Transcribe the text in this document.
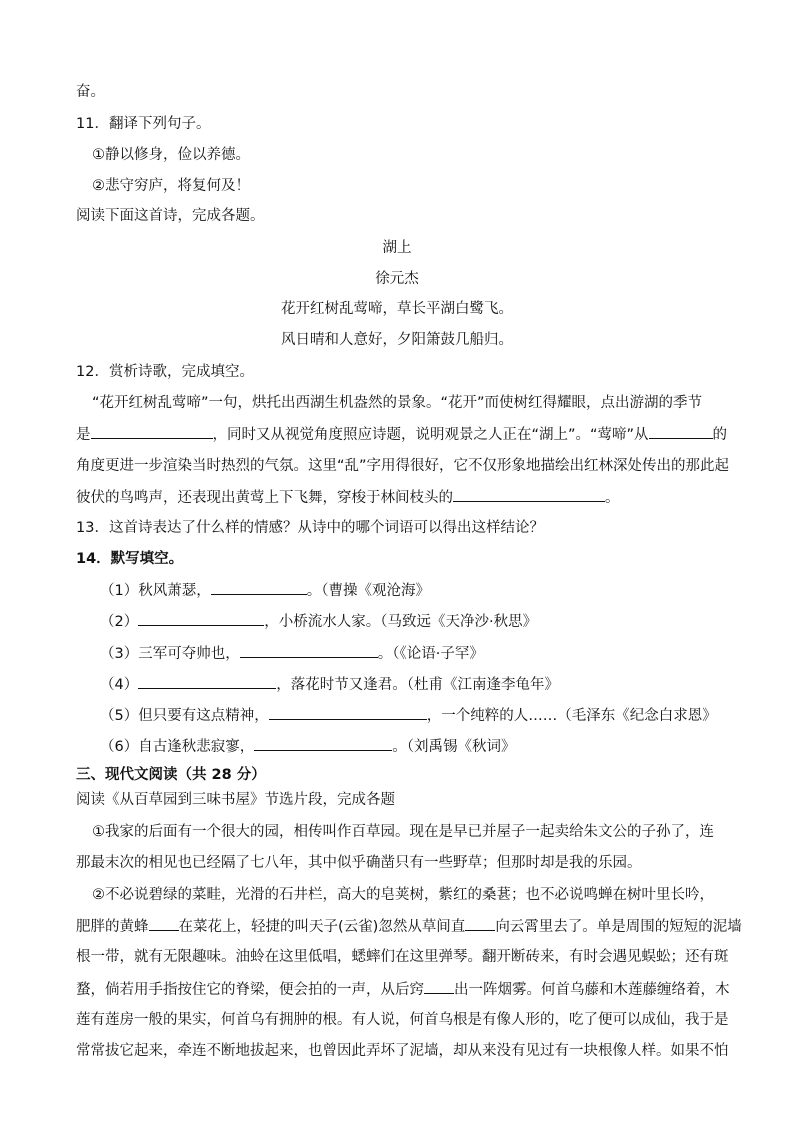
奋。
11．翻译下列句子。
①静以修身，俭以养德。
②悲守穷庐，将复何及！
阅读下面这首诗，完成各题。
湖上
徐元杰
花开红树乱莺啼，草长平湖白鹭飞。
风日晴和人意好，夕阳箫鼓几船归。
12．赏析诗歌，完成填空。
“花开红树乱莺啼”一句，烘托出西湖生机盎然的景象。“花开”而使树红得耀眼，点出游湖的季节
是	，同时又从视觉角度照应诗题，说明观景之人正在“湖上”。“莺啼”从	的
角度更进一步渲染当时热烈的气氛。这里“乱”字用得很好，它不仅形象地描绘出红林深处传出的那此起
彼伏的鸟鸣声，还表现出黄莺上下飞舞，穿梭于林间枝头的	。
13．这首诗表达了什么样的情感？从诗中的哪个词语可以得出这样结论？
14．默写填空。
（1）秋风萧瑟，	。（曹操《观沧海》
（2）	，小桥流水人家。（马致远《天净沙·秋思》
（3）三军可夺帅也，	。（《论语·子罕》
（4）	，落花时节又逢君。（杜甫《江南逢李龟年》
（5）但只要有这点精神，	，一个纯粹的人……（毛泽东《纪念白求恩》
（6）自古逢秋悲寂寥，	。（刘禹锡《秋词》
三、现代文阅读（共 28 分）
阅读《从百草园到三味书屋》节选片段，完成各题
①我家的后面有一个很大的园，相传叫作百草园。现在是早已并屋子一起卖给朱文公的子孙了，连
那最末次的相见也已经隔了七八年，其中似乎确凿只有一些野草；但那时却是我的乐园。
②不必说碧绿的菜畦，光滑的石井栏，高大的皂荚树，紫红的桑葚；也不必说鸣蝉在树叶里长吟，
肥胖的黄蜂 在菜花上，轻捷的叫天子(云雀)忽然从草间直 向云霄里去了。单是周围的短短的泥墙
根一带，就有无限趣味。油蛉在这里低唱，蟋蟀们在这里弹琴。翻开断砖来，有时会遇见蜈蚣；还有斑
蝥，倘若用手指按住它的脊梁，便会拍的一声，从后窍 出一阵烟雾。何首乌藤和木莲藤缠络着，木
莲有莲房一般的果实，何首乌有拥肿的根。有人说，何首乌根是有像人形的，吃了便可以成仙，我于是
常常拔它起来，牵连不断地拔起来，也曾因此弄坏了泥墙，却从来没有见过有一块根像人样。如果不怕
